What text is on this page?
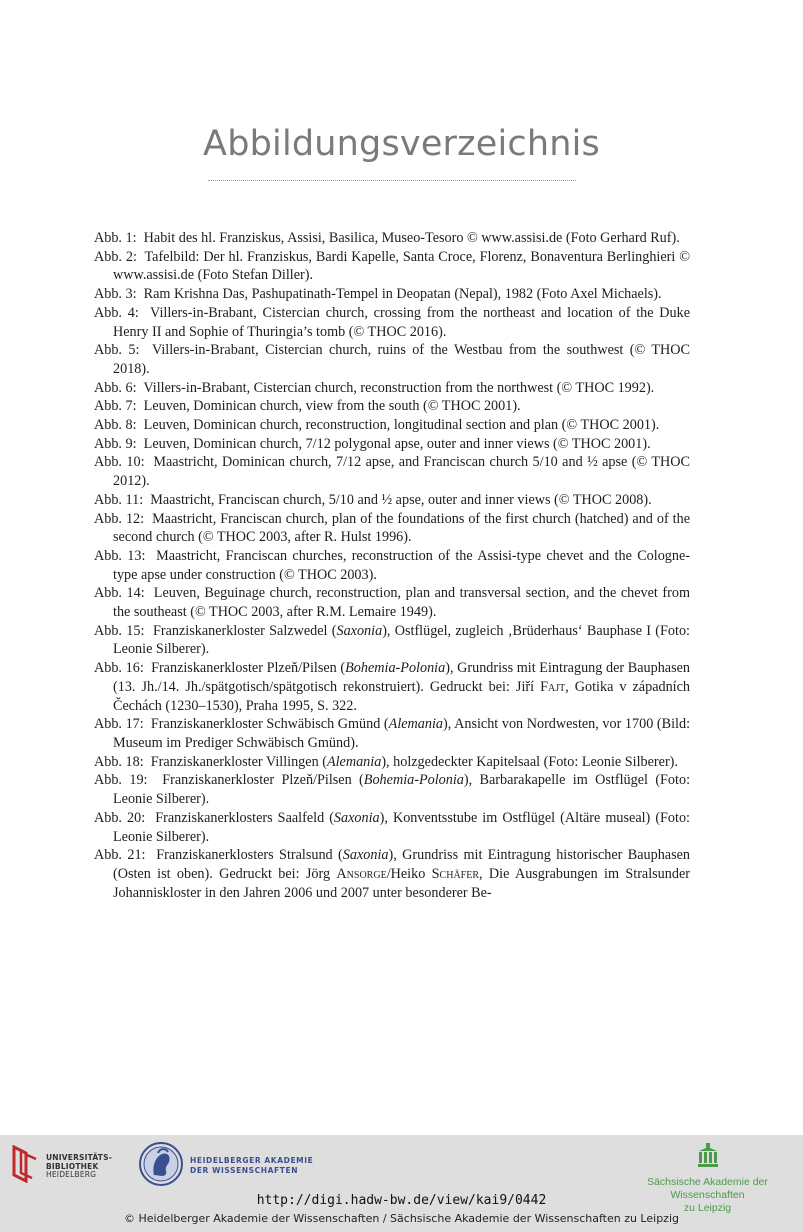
Abbildungsverzeichnis
Abb. 1: Habit des hl. Franziskus, Assisi, Basilica, Museo-Tesoro © www.assisi.de (Foto Gerhard Ruf).
Abb. 2: Tafelbild: Der hl. Franziskus, Bardi Kapelle, Santa Croce, Florenz, Bonaventura Berlinghieri © www.assisi.de (Foto Stefan Diller).
Abb. 3: Ram Krishna Das, Pashupatinath-Tempel in Deopatan (Nepal), 1982 (Foto Axel Michaels).
Abb. 4: Villers-in-Brabant, Cistercian church, crossing from the northeast and location of the Duke Henry II and Sophie of Thuringia’s tomb (© THOC 2016).
Abb. 5: Villers-in-Brabant, Cistercian church, ruins of the Westbau from the southwest (© THOC 2018).
Abb. 6: Villers-in-Brabant, Cistercian church, reconstruction from the northwest (© THOC 1992).
Abb. 7: Leuven, Dominican church, view from the south (© THOC 2001).
Abb. 8: Leuven, Dominican church, reconstruction, longitudinal section and plan (© THOC 2001).
Abb. 9: Leuven, Dominican church, 7/12 polygonal apse, outer and inner views (© THOC 2001).
Abb. 10: Maastricht, Dominican church, 7/12 apse, and Franciscan church 5/10 and ½ apse (© THOC 2012).
Abb. 11: Maastricht, Franciscan church, 5/10 and ½ apse, outer and inner views (© THOC 2008).
Abb. 12: Maastricht, Franciscan church, plan of the foundations of the first church (hatched) and of the second church (© THOC 2003, after R. Hulst 1996).
Abb. 13: Maastricht, Franciscan churches, reconstruction of the Assisi-type chevet and the Cologne-type apse under construction (© THOC 2003).
Abb. 14: Leuven, Beguinage church, reconstruction, plan and transversal section, and the chevet from the southeast (© THOC 2003, after R.M. Lemaire 1949).
Abb. 15: Franziskanerkloster Salzwedel (Saxonia), Ostflügel, zugleich ‚Brüderhaus‘ Bauphase I (Foto: Leonie Silberer).
Abb. 16: Franziskanerkloster Plzeň/Pilsen (Bohemia-Polonia), Grundriss mit Eintragung der Bauphasen (13. Jh./14. Jh./spätgotisch/spätgotisch rekonstruiert). Gedruckt bei: Jiří Fajt, Gotika v západních Čechách (1230–1530), Praha 1995, S. 322.
Abb. 17: Franziskanerkloster Schwäbisch Gmünd (Alemania), Ansicht von Nordwesten, vor 1700 (Bild: Museum im Prediger Schwäbisch Gmünd).
Abb. 18: Franziskanerkloster Villingen (Alemania), holzgedeckter Kapitelsaal (Foto: Leonie Silberer).
Abb. 19: Franziskanerkloster Plzeň/Pilsen (Bohemia-Polonia), Barbarakapelle im Ostflügel (Foto: Leonie Silberer).
Abb. 20: Franziskanerklosters Saalfeld (Saxonia), Konventsstube im Ostflügel (Altäre museal) (Foto: Leonie Silberer).
Abb. 21: Franziskanerklosters Stralsund (Saxonia), Grundriss mit Eintragung historischer Bauphasen (Osten ist oben). Gedruckt bei: Jörg Ansorge/Heiko Schäfer, Die Ausgrabungen im Stralsunder Johanniskloster in den Jahren 2006 und 2007 unter besonderer Be-
UNIVERSITÄTS-
BIBLIOTHEK
HEIDELBERG
HEIDELBERGER AKADEMIE
DER WISSENSCHAFTEN
Sächsische Akademie der Wissenschaften
zu Leipzig
http://digi.hadw-bw.de/view/kai9/0442
© Heidelberger Akademie der Wissenschaften / Sächsische Akademie der Wissenschaften zu Leipzig
